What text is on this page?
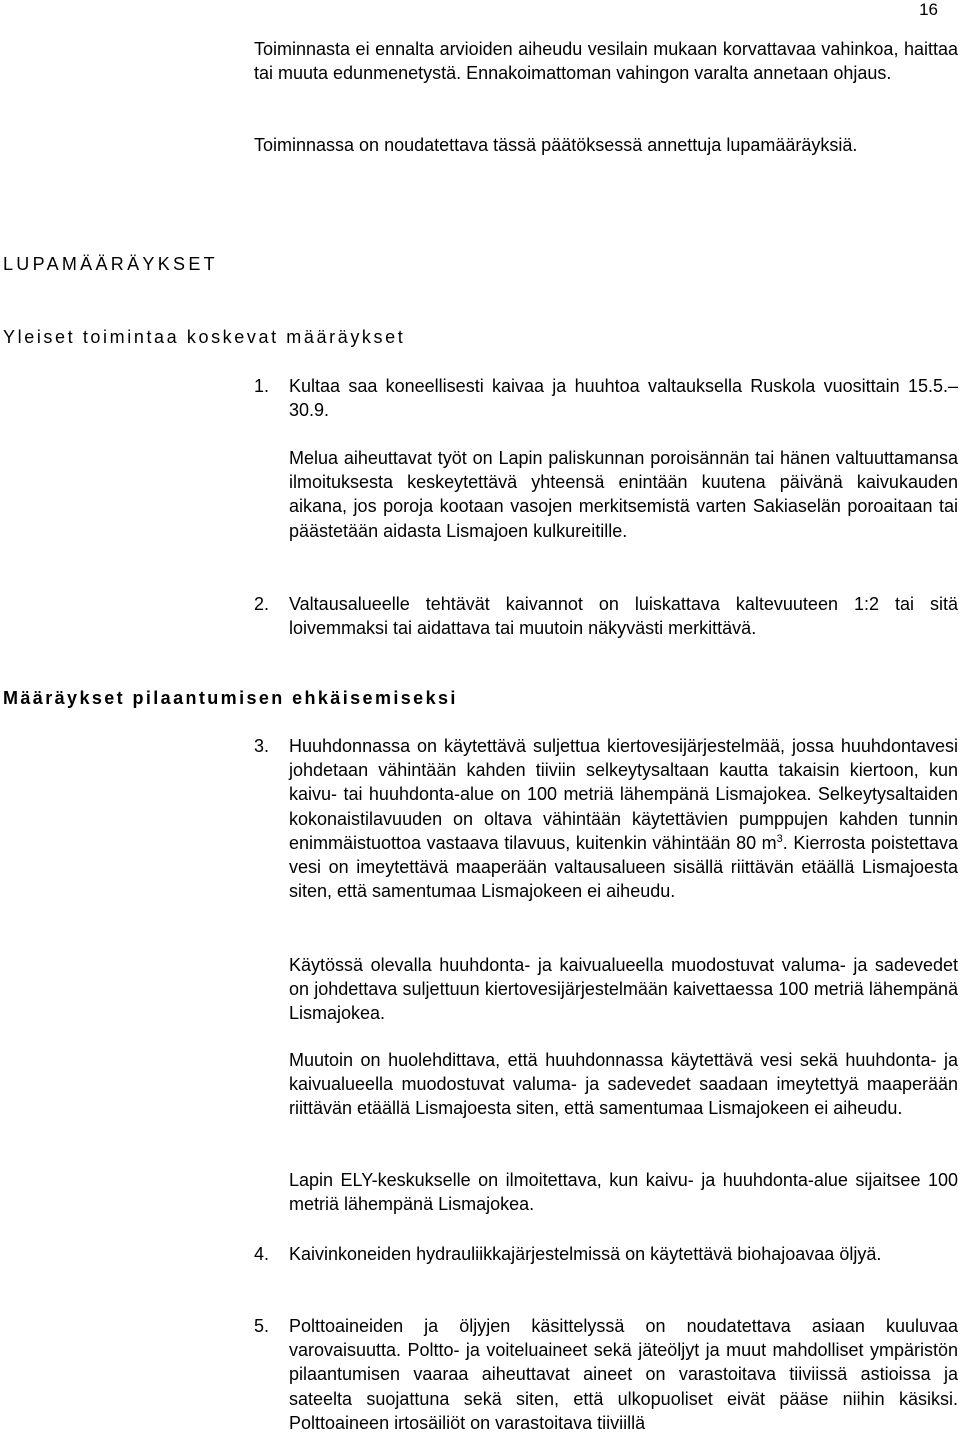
16

Toiminnasta ei ennalta arvioiden aiheudu vesilain mukaan korvattavaa vahinkoa, haittaa tai muuta edunmenetystä. Ennakoimattoman vahingon varalta annetaan ohjaus.

Toiminnassa on noudatettava tässä päätöksessä annettuja lupamääräyksiä.

LUPAMÄÄRÄYKSET
Yleiset toimintaa koskevat määräykset
1. Kultaa saa koneellisesti kaivaa ja huuhtoa valtauksella Ruskola vuosittain 15.5.–30.9.

Melua aiheuttavat työt on Lapin paliskunnan poroisännän tai hänen valtuuttamansa ilmoituksesta keskeytettävä yhteensä enintään kuutena päivänä kaivukauden aikana, jos poroja kootaan vasojen merkitsemistä varten Sakiaselän poroaitaan tai päästetään aidasta Lismajoen kulkureitille.

2. Valtausalueelle tehtävät kaivannot on luiskattava kaltevuuteen 1:2 tai sitä loivemmaksi tai aidattava tai muutoin näkyvästi merkittävä.

Määräykset pilaantumisen ehkäisemiseksi
3. Huuhdonnassa on käytettävä suljettua kiertovesijärjestelmää, jossa huuhdontavesi johdetaan vähintään kahden tiiviin selkeytysaltaan kautta takaisin kiertoon, kun kaivu- tai huuhdonta-alue on 100 metriä lähempänä Lismajokea. Selkeytysaltaiden kokonaistilavuuden on oltava vähintään käytettävien pumppujen kahden tunnin enimmäistuottoa vastaava tilavuus, kuitenkin vähintään 80 $m^3$. Kierrosta poistettava vesi on imeytettävä maaperään valtausalueen sisällä riittävän etäällä Lismajoesta siten, että samentumaa Lismajokeen ei aiheudu.

Käytössä olevalla huuhdonta- ja kaivualueella muodostuvat valuma- ja sadevedet on johdettava suljettuun kiertovesijärjestelmään kaivettaessa 100 metriä lähempänä Lismajokea.

Muutoin on huolehdittava, että huuhdonnassa käytettävä vesi sekä huuhdonta- ja kaivualueella muodostuvat valuma- ja sadevedet saadaan imeytettyä maaperään riittävän etäällä Lismajoesta siten, että samentumaa Lismajokeen ei aiheudu.

Lapin ELY-keskukselle on ilmoitettava, kun kaivu- ja huuhdonta-alue sijaitsee 100 metriä lähempänä Lismajokea.

4. Kaivinkoneiden hydrauliikkajärjestelmissä on käytettävä biohajoavaa öljyä.

5. Polttoaineiden ja öljyjen käsittelyssä on noudatettava asiaan kuuluvaa varovaisuutta. Poltto- ja voiteluaineet sekä jäteöljyt ja muut mahdolliset ympäristön pilaantumisen vaaraa aiheuttavat aineet on varastoitava tiiviissä astioissa ja sateelta suojattuna sekä siten, että ulkopuoliset eivät pääse niihin käsiksi. Polttoaineen irtosäiliöt on varastoitava tiiviillä
